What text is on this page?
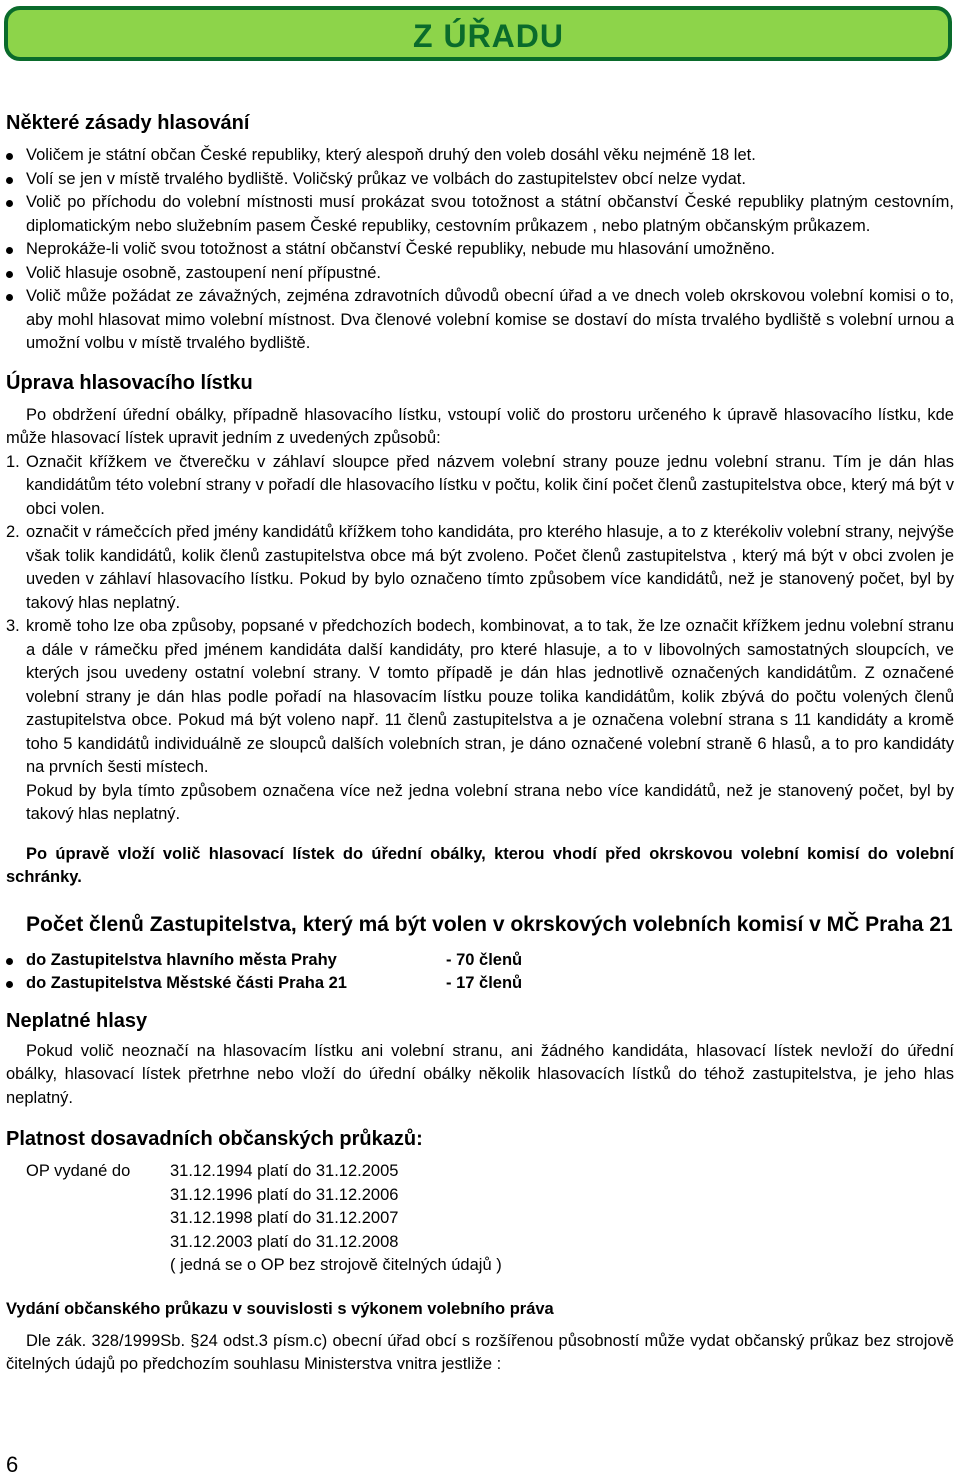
Z ÚŘADU
Některé zásady hlasování
Voličem je státní občan České republiky, který alespoň druhý den voleb dosáhl věku nejméně 18 let.
Volí se jen v místě trvalého bydliště. Voličský průkaz ve volbách do zastupitelstev obcí nelze vydat.
Volič po příchodu do volební místnosti musí prokázat svou totožnost a státní občanství České republiky platným cestovním, diplomatickým nebo služebním pasem České republiky, cestovním průkazem , nebo platným občanským průkazem.
Neprokáže-li volič svou totožnost a státní občanství České republiky, nebude mu hlasování umožněno.
Volič hlasuje osobně, zastoupení není přípustné.
Volič může požádat ze závažných, zejména zdravotních důvodů obecní úřad a ve dnech voleb okrskovou volební komisi o to, aby mohl hlasovat mimo volební místnost. Dva členové volební komise se dostaví do místa trvalého bydliště s volební urnou a umožní volbu v místě trvalého bydliště.
Úprava hlasovacího lístku

Po obdržení úřední obálky, případně hlasovacího lístku, vstoupí volič do prostoru určeného k úpravě hlasovacího lístku, kde může hlasovací lístek upravit jedním z uvedených způsobů:

1. Označit křížkem ve čtverečku v záhlaví sloupce před názvem volební strany pouze jednu volební stranu. Tím je dán hlas kandidátům této volební strany v pořadí dle hlasovacího lístku v počtu, kolik činí počet členů zastupitelstva obce, který má být v obci volen.
2. označit v rámečcích před jmény kandidátů křížkem toho kandidáta, pro kterého hlasuje, a to z kterékoliv volební strany, nejvýše však tolik kandidátů, kolik členů zastupitelstva obce má být zvoleno. Počet členů zastupitelstva , který má být v obci zvolen je uveden v záhlaví hlasovacího lístku. Pokud by bylo označeno tímto způsobem více kandidátů, než je stanovený počet, byl by takový hlas neplatný.
3. kromě toho lze oba způsoby, popsané v předchozích bodech, kombinovat, a to tak, že lze označit křížkem jednu volební stranu a dále v rámečku před jménem kandidáta další kandidáty, pro které hlasuje, a to v libovolných samostatných sloupcích, ve kterých jsou uvedeny ostatní volební strany. V tomto případě je dán hlas jednotlivě označených kandidátům. Z označené volební strany je dán hlas podle pořadí na hlasovacím lístku pouze tolika kandidátům, kolik zbývá do počtu volených členů zastupitelstva obce. Pokud má být voleno např. 11 členů zastupitelstva a je označena volební strana s 11 kandidáty a kromě toho 5 kandidátů individuálně ze sloupců dalších volebních stran, je dáno označené volební straně 6 hlasů, a to pro kandidáty na prvních šesti místech.
Pokud by byla tímto způsobem označena více než jedna volební strana nebo více kandidátů, než je stanovený počet, byl by takový hlas neplatný.

Po úpravě vloží volič hlasovací lístek do úřední obálky, kterou vhodí před okrskovou volební komisí do volební schránky.

Počet členů Zastupitelstva, který má být volen v okrskových volebních komisí v MČ Praha 21
do Zastupitelstva hlavního města Prahy	- 70 členů
do Zastupitelstva Městské části Praha 21	- 17 členů
Neplatné hlasy

Pokud volič neoznačí na hlasovacím lístku ani volební stranu, ani žádného kandidáta, hlasovací lístek nevloží do úřední obálky, hlasovací lístek přetrhne nebo vloží do úřední obálky několik hlasovacích lístků do téhož zastupitelstva, je jeho hlas neplatný.

Platnost dosavadních občanských průkazů:
OP vydané do	31.12.1994 platí do 31.12.2005
31.12.1996 platí do 31.12.2006
31.12.1998 platí do 31.12.2007
31.12.2003 platí do 31.12.2008
( jedná se o OP bez strojově čitelných údajů )
Vydání občanského průkazu v souvislosti s výkonem volebního práva

Dle zák. 328/1999Sb. §24 odst.3 písm.c) obecní úřad obcí s rozšířenou působností může vydat občanský průkaz bez strojově čitelných údajů po předchozím souhlasu Ministerstva vnitra jestliže :

6
